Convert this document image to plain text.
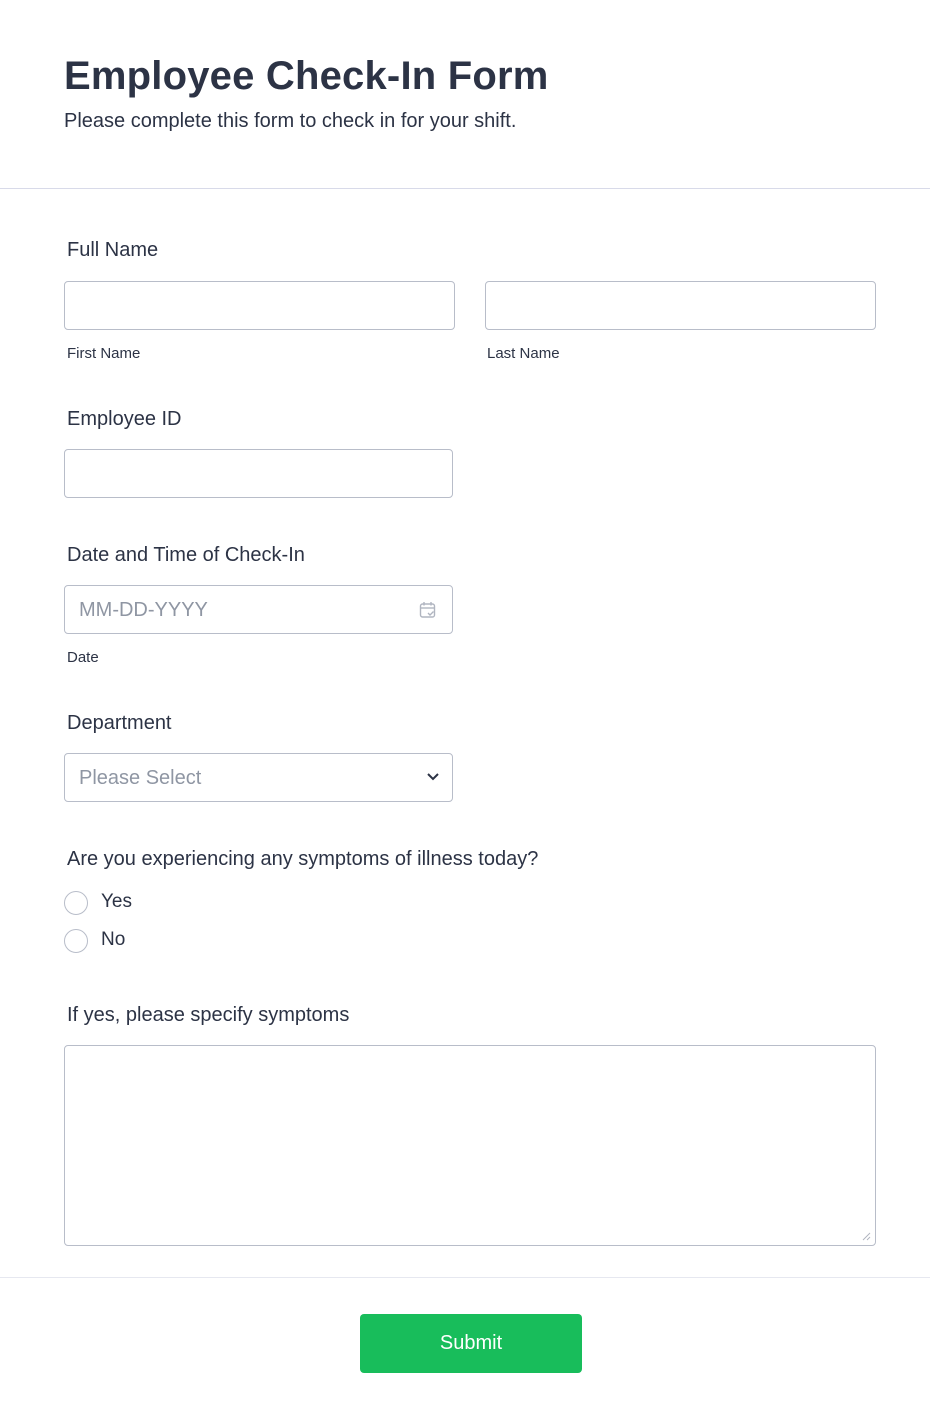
Employee Check-In Form
Please complete this form to check in for your shift.
Full Name
First Name	Last Name
Employee ID
Date and Time of Check-In
MM-DD-YYYY
Date
Department
Please Select
Are you experiencing any symptoms of illness today?
Yes
No
If yes, please specify symptoms
Submit
